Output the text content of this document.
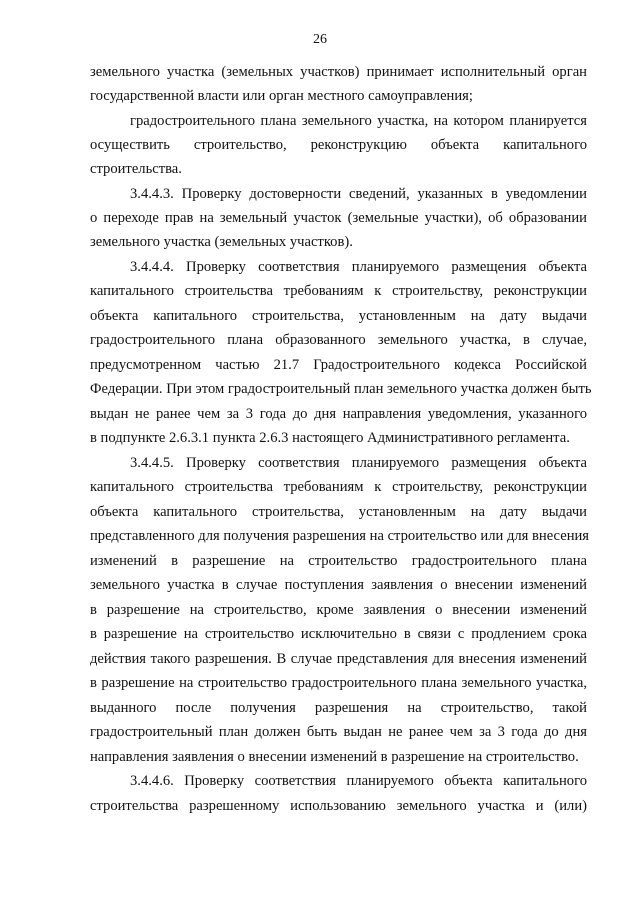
26
земельного участка (земельных участков) принимает исполнительный орган
государственной власти или орган местного самоуправления;
градостроительного плана земельного участка, на котором планируется
осуществить строительство, реконструкцию объекта капитального
строительства.
3.4.4.3. Проверку достоверности сведений, указанных в уведомлении
о переходе прав на земельный участок (земельные участки), об образовании
земельного участка (земельных участков).
3.4.4.4. Проверку соответствия планируемого размещения объекта
капитального строительства требованиям к строительству, реконструкции
объекта капитального строительства, установленным на дату выдачи
градостроительного плана образованного земельного участка, в случае,
предусмотренном частью 21.7 Градостроительного кодекса Российской
Федерации. При этом градостроительный план земельного участка должен быть
выдан не ранее чем за 3 года до дня направления уведомления, указанного
в подпункте 2.6.3.1 пункта 2.6.3 настоящего Административного регламента.
3.4.4.5. Проверку соответствия планируемого размещения объекта
капитального строительства требованиям к строительству, реконструкции
объекта капитального строительства, установленным на дату выдачи
представленного для получения разрешения на строительство или для внесения
изменений в разрешение на строительство градостроительного плана
земельного участка в случае поступления заявления о внесении изменений
в разрешение на строительство, кроме заявления о внесении изменений
в разрешение на строительство исключительно в связи с продлением срока
действия такого разрешения. В случае представления для внесения изменений
в разрешение на строительство градостроительного плана земельного участка,
выданного после получения разрешения на строительство, такой
градостроительный план должен быть выдан не ранее чем за 3 года до дня
направления заявления о внесении изменений в разрешение на строительство.
3.4.4.6. Проверку соответствия планируемого объекта капитального
строительства разрешенному использованию земельного участка и (или)
